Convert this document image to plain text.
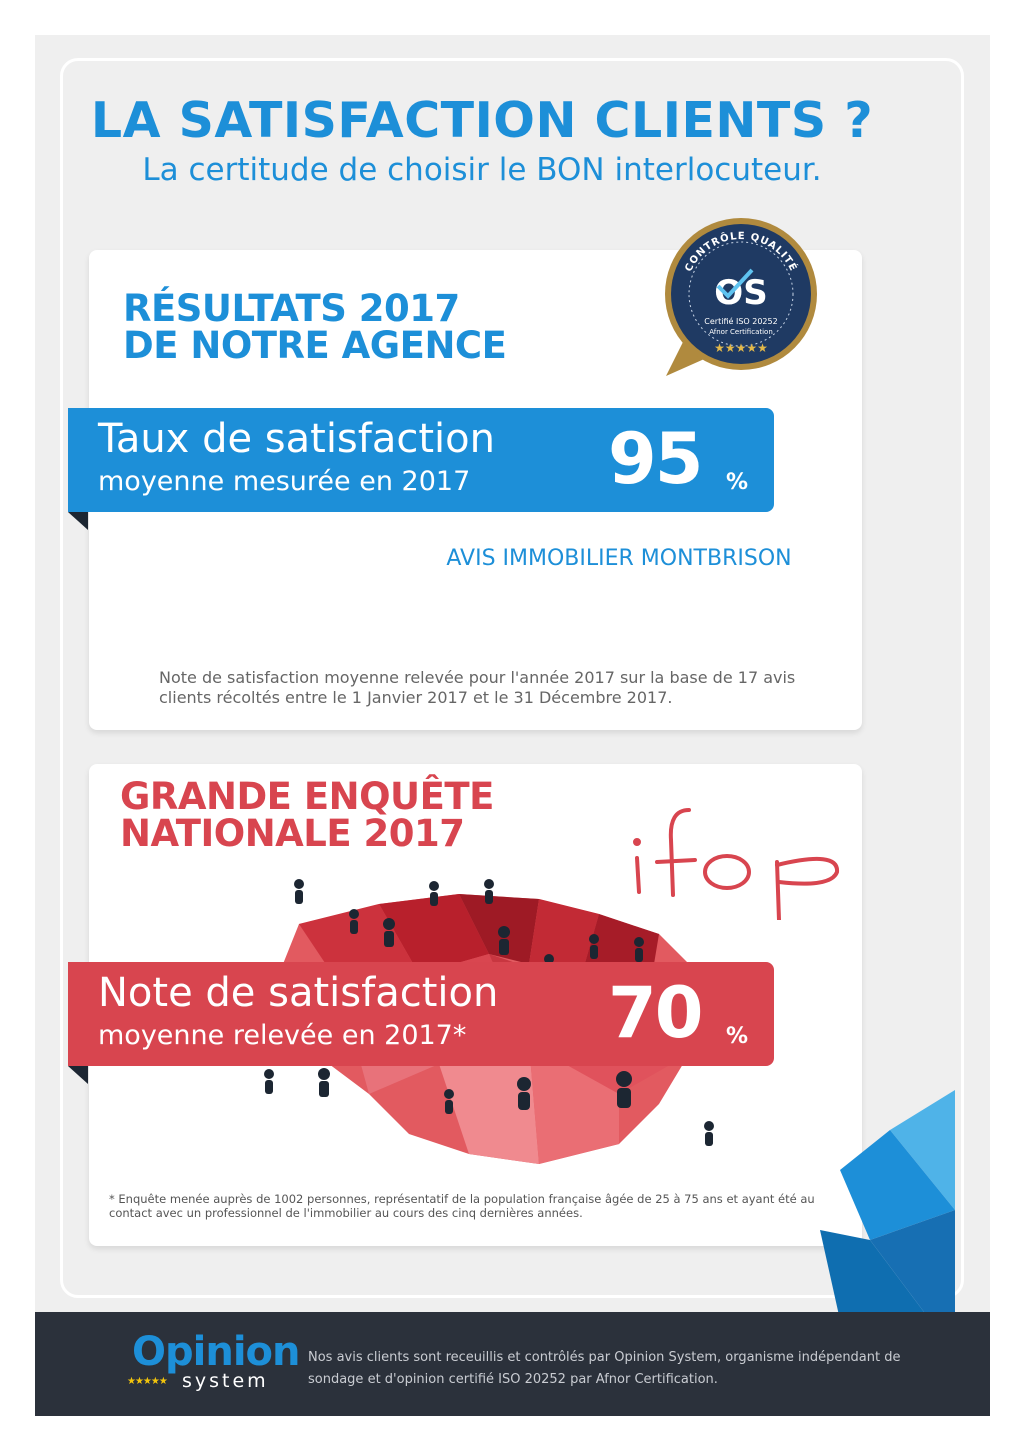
LA SATISFACTION CLIENTS ?
La certitude de choisir le BON interlocuteur.
RÉSULTATS 2017
DE NOTRE AGENCE
AVIS IMMOBILIER MONTBRISON
Note de satisfaction moyenne relevée pour l'année 2017 sur la base de 17 avis clients récoltés entre le 1 Janvier 2017 et le 31 Décembre 2017.
Taux de satisfaction
moyenne mesurée en 2017 95 %
CONTRÔLE QUALITÉ
OS
Certifié ISO 20252
Afnor Certification
★★★★★
GRANDE ENQUÊTE
NATIONALE 2017
ifop
* Enquête menée auprès de 1002 personnes, représentatif de la population française âgée de 25 à 75 ans et ayant été au contact avec un professionnel de l'immobilier au cours des cinq dernières années.
Note de satisfaction
moyenne relevée en 2017* 70 %
Opinion
★★★★★ system
Nos avis clients sont receuillis et contrôlés par Opinion System, organisme indépendant de sondage et d'opinion certifié ISO 20252 par Afnor Certification.
